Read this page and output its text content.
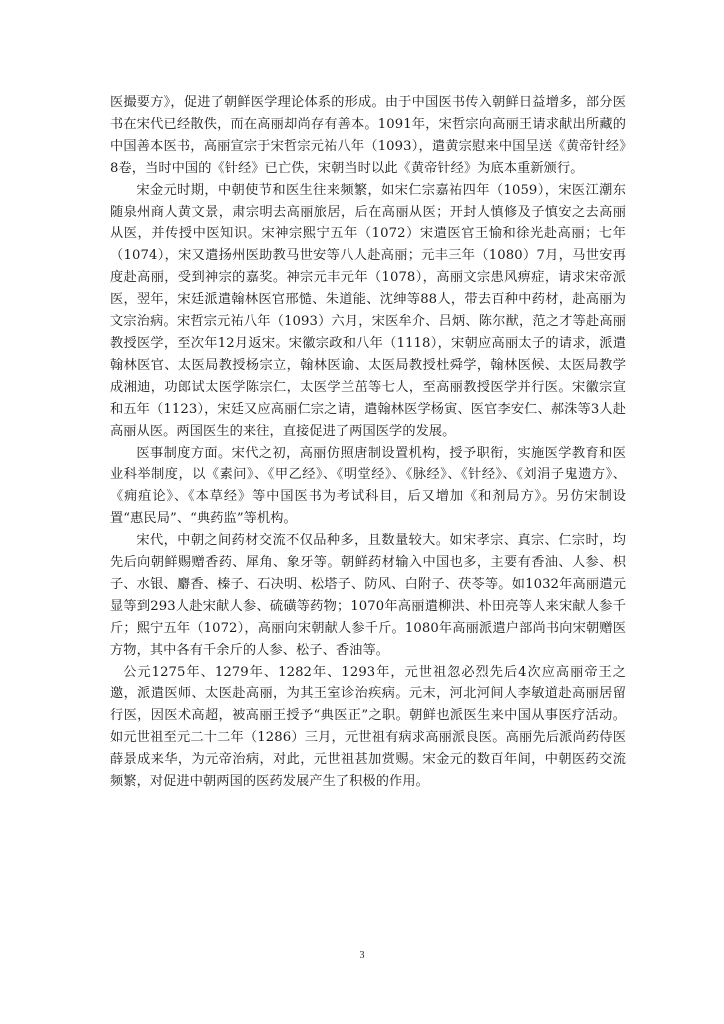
医撮要方》，促进了朝鲜医学理论体系的形成。由于中国医书传入朝鲜日益增多，部分医书在宋代已经散佚，而在高丽却尚存有善本。1091年，宋哲宗向高丽王请求献出所藏的中国善本医书，高丽宣宗于宋哲宗元祐八年（1093），遣黄宗慰来中国呈送《黄帝针经》8卷，当时中国的《针经》已亡佚，宋朝当时以此《黄帝针经》为底本重新颁行。

宋金元时期，中朝使节和医生往来频繁，如宋仁宗嘉祐四年（1059），宋医江潮东随泉州商人黄文景，肃宗明去高丽旅居，后在高丽从医；开封人慎修及子慎安之去高丽从医，并传授中医知识。宋神宗熙宁五年（1072）宋遣医官王愉和徐光赴高丽；七年（1074），宋又遣扬州医助教马世安等八人赴高丽；元丰三年（1080）7月，马世安再度赴高丽，受到神宗的嘉奖。神宗元丰元年（1078），高丽文宗患风痹症，请求宋帝派医，翌年，宋廷派遣翰林医官邢慥、朱道能、沈绅等88人，带去百种中药材，赴高丽为文宗治病。宋哲宗元祐八年（1093）六月，宋医牟介、吕炳、陈尔猷，范之才等赴高丽教授医学，至次年12月返宋。宋徽宗政和八年（1118），宋朝应高丽太子的请求，派遣翰林医官、太医局教授杨宗立，翰林医谕、太医局教授杜舜学，翰林医候、太医局教学成湘迪，功郎试太医学陈宗仁，太医学兰茁等七人，至高丽教授医学并行医。宋徽宗宣和五年（1123），宋廷又应高丽仁宗之请，遣翰林医学杨寅、医官李安仁、郝洙等3人赴高丽从医。两国医生的来往，直接促进了两国医学的发展。

医事制度方面。宋代之初，高丽仿照唐制设置机构，授予职衔，实施医学教育和医业科举制度，以《素问》、《甲乙经》、《明堂经》、《脉经》、《针经》、《刘涓子鬼遗方》、《痈疽论》、《本草经》等中国医书为考试科目，后又增加《和剂局方》。另仿宋制设置“惠民局”、“典药监”等机构。

宋代，中朝之间药材交流不仅品种多，且数量较大。如宋孝宗、真宗、仁宗时，均先后向朝鲜赐赠香药、犀角、象牙等。朝鲜药材输入中国也多，主要有香油、人参、枳子、水银、麝香、榛子、石决明、松塔子、防风、白附子、茯苓等。如1032年高丽遣元显等到293人赴宋献人参、硫磺等药物；1070年高丽遣柳洪、朴田亮等人来宋献人参千斤；熙宁五年（1072），高丽向宋朝献人参千斤。1080年高丽派遣户部尚书向宋朝赠医方物，其中各有千余斤的人参、松子、香油等。

公元1275年、1279年、1282年、1293年，元世祖忽必烈先后4次应高丽帝王之邀，派遣医师、太医赴高丽，为其王室诊治疾病。元末，河北河间人李敏道赴高丽居留行医，因医术高超，被高丽王授予“典医正”之职。朝鲜也派医生来中国从事医疗活动。如元世祖至元二十二年（1286）三月，元世祖有病求高丽派良医。高丽先后派尚药侍医薛景成来华，为元帝治病，对此，元世祖甚加赏赐。宋金元的数百年间，中朝医药交流频繁，对促进中朝两国的医药发展产生了积极的作用。

3
